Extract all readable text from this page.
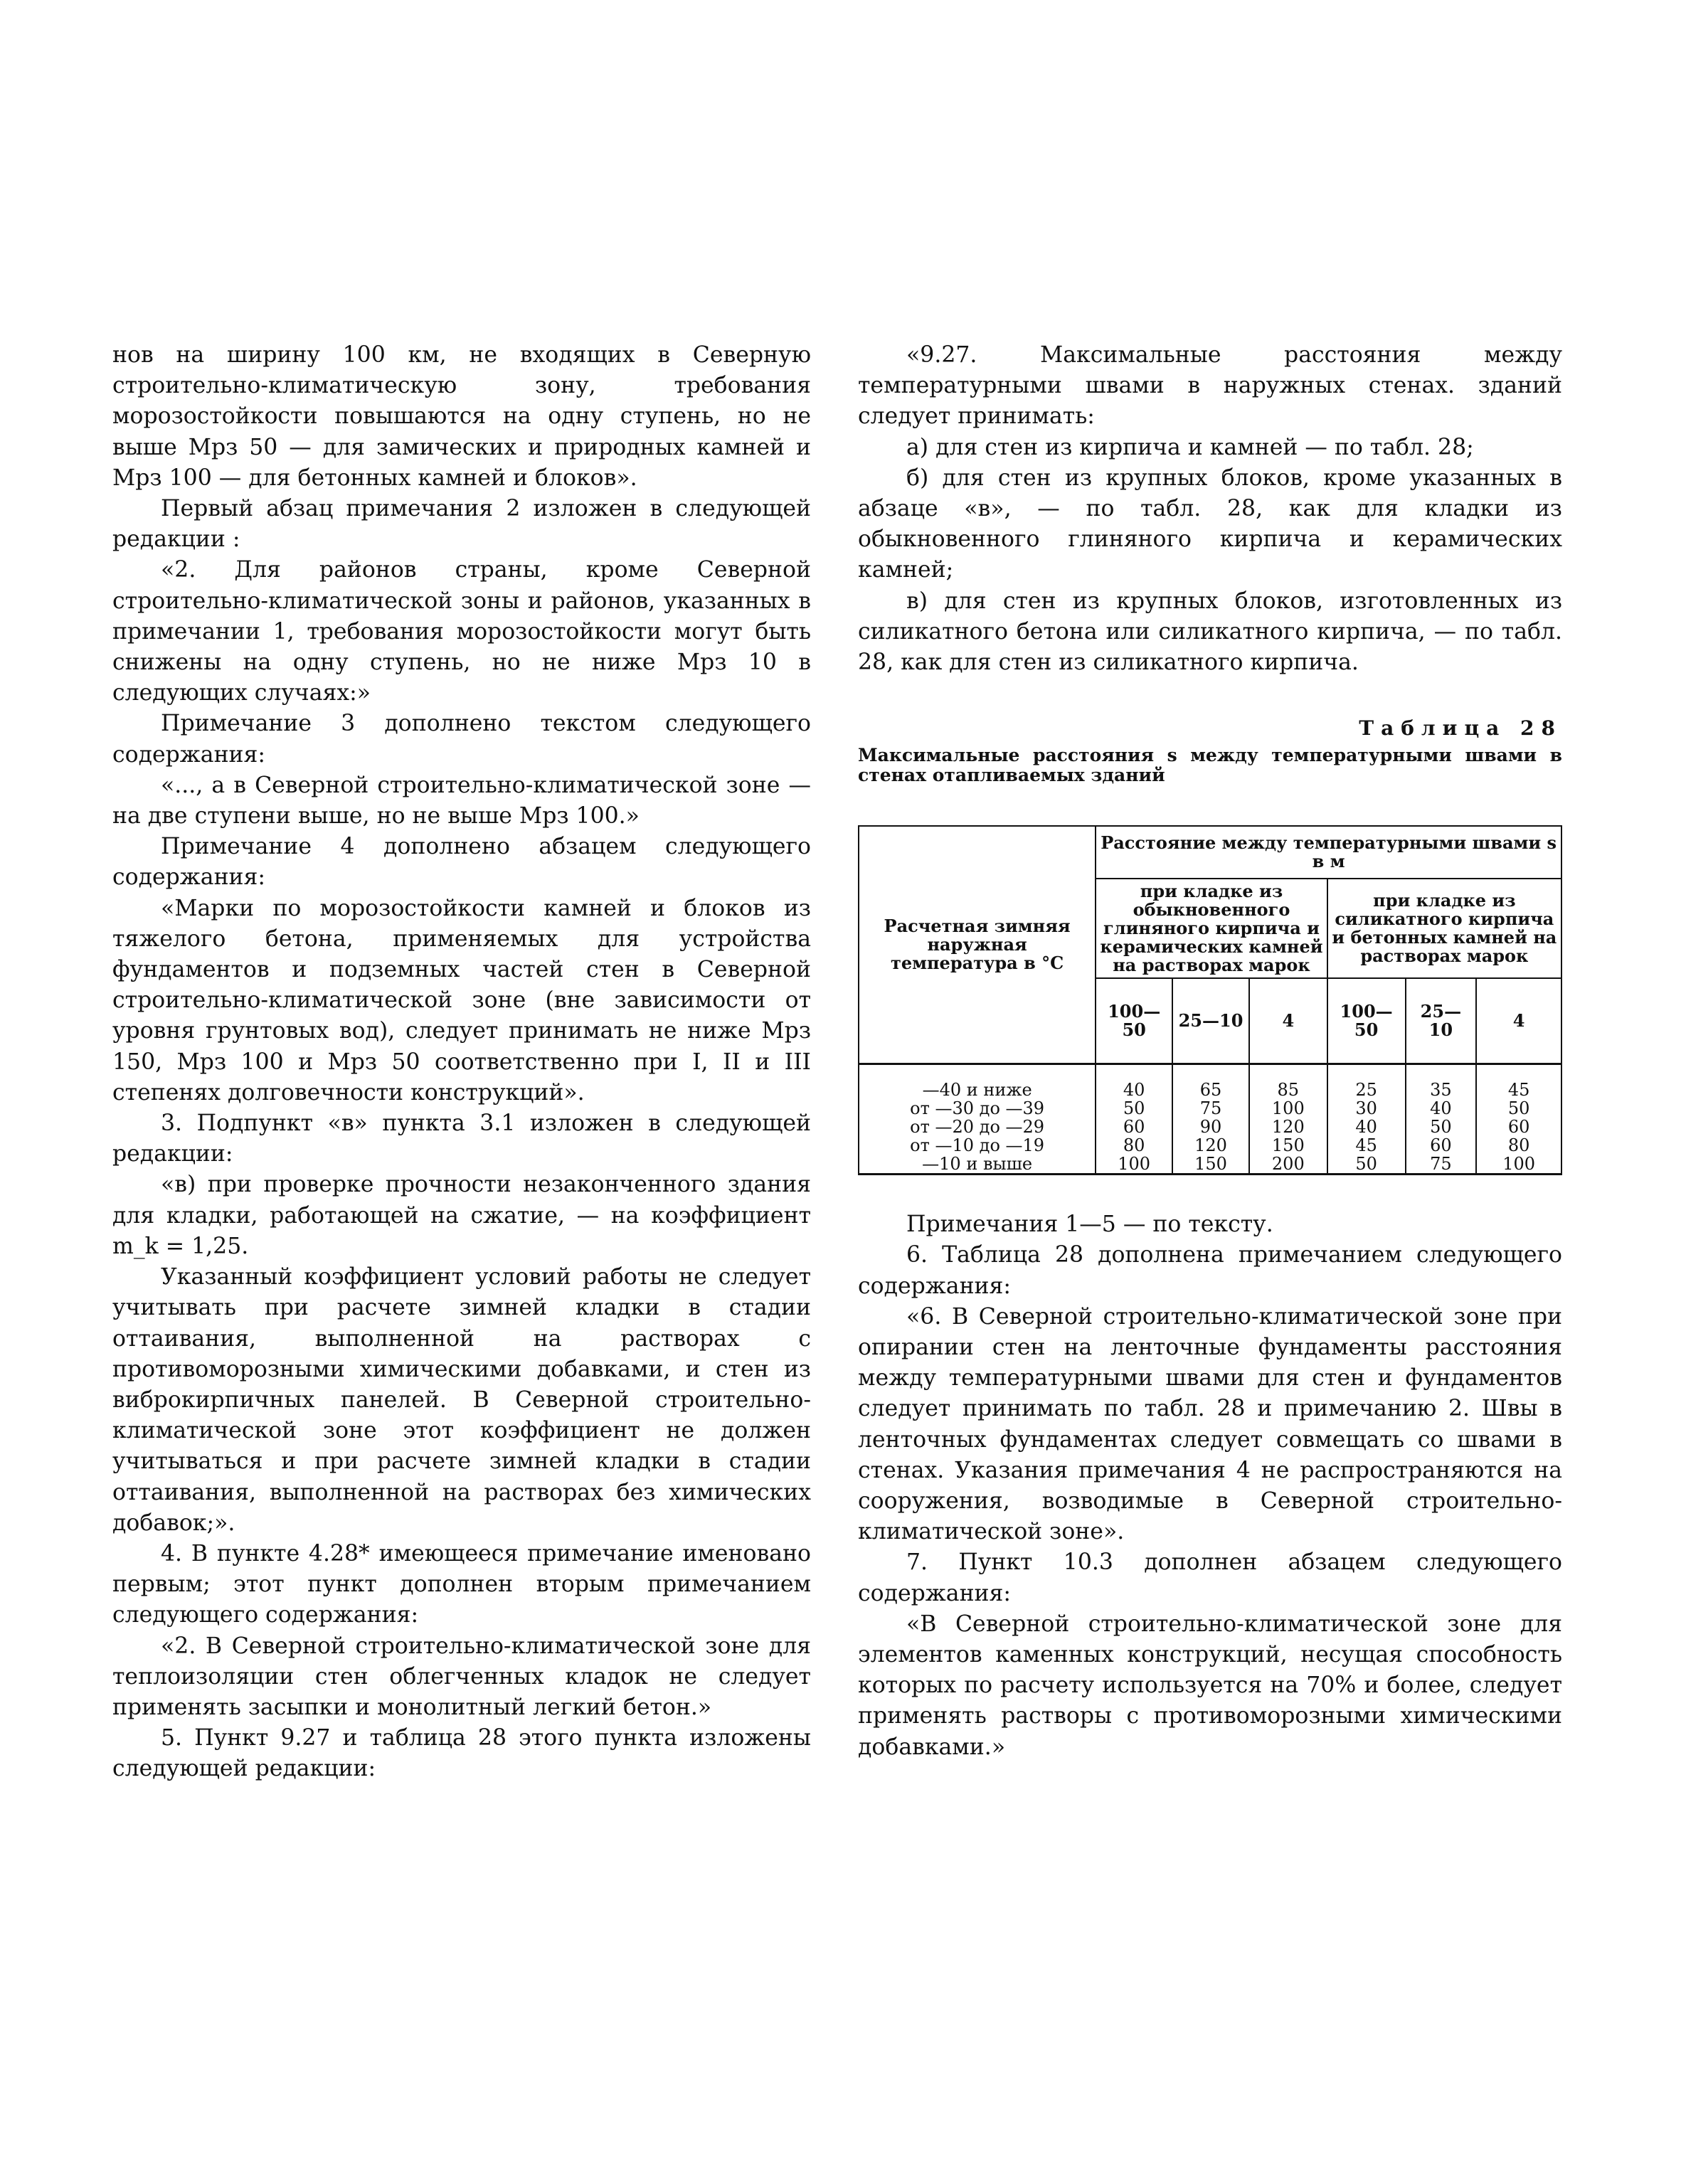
нов на ширину 100 км, не входящих в Северную строительно-климатическую зону, требования морозостойкости повышаются на одну ступень, но не выше Мрз 50 — для замических и природных камней и Мрз 100 — для бетонных камней и блоков».

Первый абзац примечания 2 изложен в следующей редакции :

«2. Для районов страны, кроме Северной строительно-климатической зоны и районов, указанных в примечании 1, требования морозостойкости могут быть снижены на одну ступень, но не ниже Мрз 10 в следующих случаях:»

Примечание 3 дополнено текстом следующего содержания:

«..., а в Северной строительно-климатической зоне — на две ступени выше, но не выше Мрз 100.»

Примечание 4 дополнено абзацем следующего содержания:

«Марки по морозостойкости камней и блоков из тяжелого бетона, применяемых для устройства фундаментов и подземных частей стен в Северной строительно-климатической зоне (вне зависимости от уровня грунтовых вод), следует принимать не ниже Мрз 150, Мрз 100 и Мрз 50 соответственно при I, II и III степенях долговечности конструкций».

3. Подпункт «в» пункта 3.1 изложен в следующей редакции:

«в) при проверке прочности незаконченного здания для кладки, работающей на сжатие, — на коэффициент m_k = 1,25.

Указанный коэффициент условий работы не следует учитывать при расчете зимней кладки в стадии оттаивания, выполненной на растворах с противоморозными химическими добавками, и стен из виброкирпичных панелей. В Северной строительно-климатической зоне этот коэффициент не должен учитываться и при расчете зимней кладки в стадии оттаивания, выполненной на растворах без химических добавок;».

4. В пункте 4.28* имеющееся примечание именовано первым; этот пункт дополнен вторым примечанием следующего содержания:

«2. В Северной строительно-климатической зоне для теплоизоляции стен облегченных кладок не следует применять засыпки и монолитный легкий бетон.»

5. Пункт 9.27 и таблица 28 этого пункта изложены следующей редакции:

«9.27. Максимальные расстояния между температурными швами в наружных стенах. зданий следует принимать:

а) для стен из кирпича и камней — по табл. 28;

б) для стен из крупных блоков, кроме указанных в абзаце «в», — по табл. 28, как для кладки из обыкновенного глиняного кирпича и керамических камней;

в) для стен из крупных блоков, изготовленных из силикатного бетона или силикатного кирпича, — по табл. 28, как для стен из силикатного кирпича.

Таблица 28
Максимальные расстояния s между температурными швами в стенах отапливаемых зданий
Расчетная зимняя наружная температура в °С	Расстояние между температурными швами s в м					
	при кладке из обыкновенного глиняного кирпича и керамических камней на растворах марок			при кладке из силикатного кирпича и бетонных камней на растворах марок		
	100—50	25—10	4	100—50	25—10	4
—40 и ниже	40	65	85	25	35	45
от —30 до —39	50	75	100	30	40	50
от —20 до —29	60	90	120	40	50	60
от —10 до —19	80	120	150	45	60	80
—10 и выше	100	150	200	50	75	100

Примечания 1—5 — по тексту.

6. Таблица 28 дополнена примечанием следующего содержания:

«6. В Северной строительно-климатической зоне при опирании стен на ленточные фундаменты расстояния между температурными швами для стен и фундаментов следует принимать по табл. 28 и примечанию 2. Швы в ленточных фундаментах следует совмещать со швами в стенах. Указания примечания 4 не распространяются на сооружения, возводимые в Северной строительно-климатической зоне».

7. Пункт 10.3 дополнен абзацем следующего содержания:

«В Северной строительно-климатической зоне для элементов каменных конструкций, несущая способность которых по расчету используется на 70% и более, следует применять растворы с противоморозными химическими добавками.»
